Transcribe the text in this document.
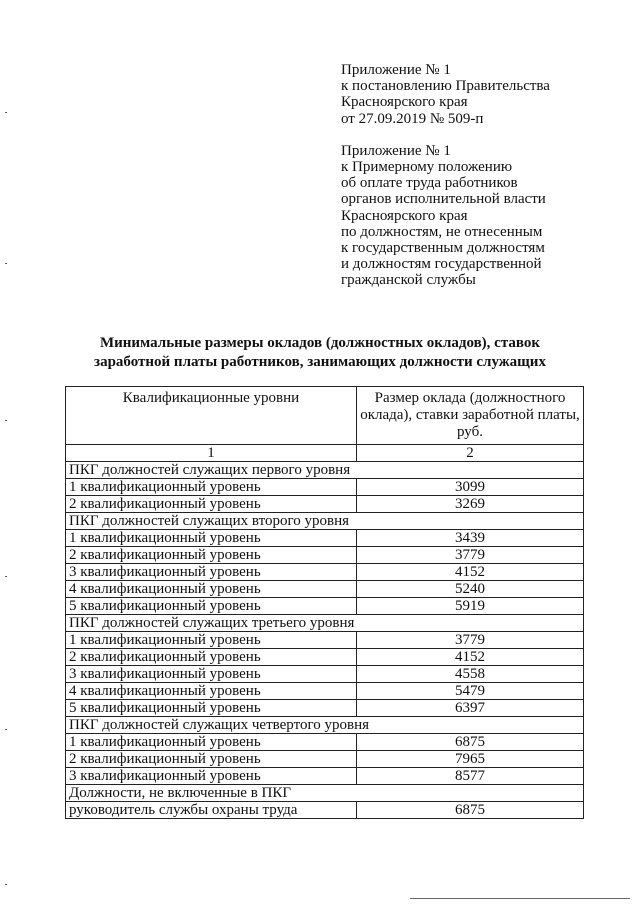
Приложение № 1
к постановлению Правительства
Красноярского края
от 27.09.2019 № 509-п
Приложение № 1
к Примерному положению
об оплате труда работников
органов исполнительной власти
Красноярского края
по должностям, не отнесенным
к государственным должностям
и должностям государственной
гражданской службы
Минимальные размеры окладов (должностных окладов), ставок
заработной платы работников, занимающих должности служащих
Квалификационные уровни	Размер оклада (должностного оклада), ставки заработной платы, руб.
1	2
ПКГ должностей служащих первого уровня	
1 квалификационный уровень	3099
2 квалификационный уровень	3269
ПКГ должностей служащих второго уровня	
1 квалификационный уровень	3439
2 квалификационный уровень	3779
3 квалификационный уровень	4152
4 квалификационный уровень	5240
5 квалификационный уровень	5919
ПКГ должностей служащих третьего уровня	
1 квалификационный уровень	3779
2 квалификационный уровень	4152
3 квалификационный уровень	4558
4 квалификационный уровень	5479
5 квалификационный уровень	6397
ПКГ должностей служащих четвертого уровня	
1 квалификационный уровень	6875
2 квалификационный уровень	7965
3 квалификационный уровень	8577
Должности, не включенные в ПКГ	
руководитель службы охраны труда	6875
